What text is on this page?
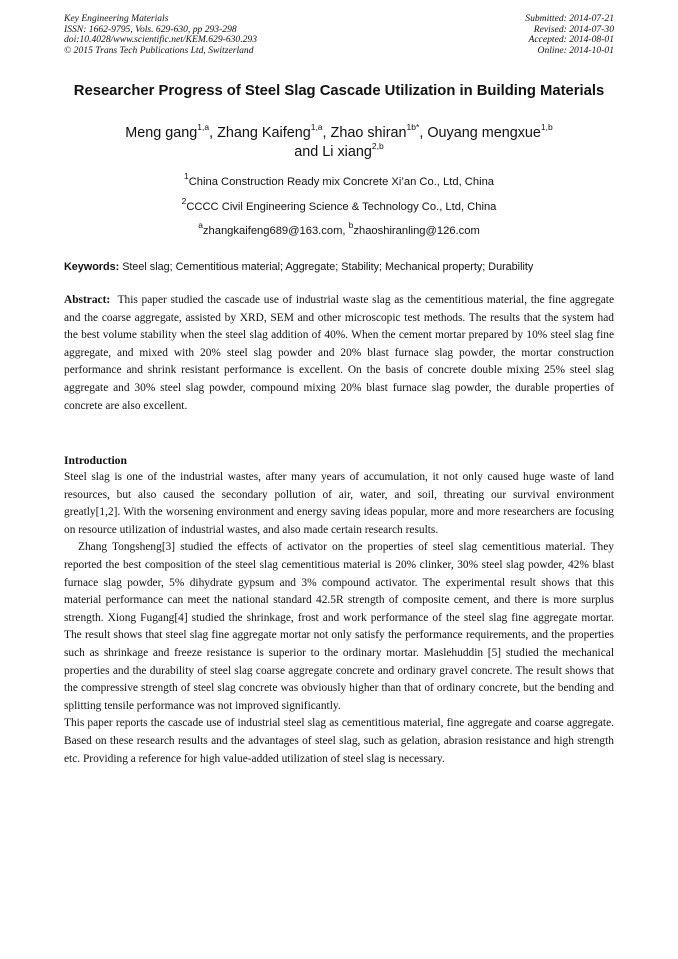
Key Engineering Materials
ISSN: 1662-9795, Vols. 629-630, pp 293-298
doi:10.4028/www.scientific.net/KEM.629-630.293
© 2015 Trans Tech Publications Ltd, Switzerland
Submitted: 2014-07-21
Revised: 2014-07-30
Accepted: 2014-08-01
Online: 2014-10-01
Researcher Progress of Steel Slag Cascade Utilization in Building Materials
Meng gang$^{1,a}$, Zhang Kaifeng$^{1,a}$, Zhao shiran$^{1b*}$, Ouyang mengxue$^{1,b}$
and Li xiang$^{2,b}$
$^1$China Construction Ready mix Concrete Xi’an Co., Ltd, China
$^2$CCCC Civil Engineering Science & Technology Co., Ltd, China
$^a$zhangkaifeng689@163.com, $^b$zhaoshiranling@126.com
Keywords: Steel slag; Cementitious material; Aggregate; Stability; Mechanical property; Durability
Abstract: This paper studied the cascade use of industrial waste slag as the cementitious material, the fine aggregate and the coarse aggregate, assisted by XRD, SEM and other microscopic test methods. The results that the system had the best volume stability when the steel slag addition of 40%. When the cement mortar prepared by 10% steel slag fine aggregate, and mixed with 20% steel slag powder and 20% blast furnace slag powder, the mortar construction performance and shrink resistant performance is excellent. On the basis of concrete double mixing 25% steel slag aggregate and 30% steel slag powder, compound mixing 20% blast furnace slag powder, the durable properties of concrete are also excellent.
Introduction

Steel slag is one of the industrial wastes, after many years of accumulation, it not only caused huge waste of land resources, but also caused the secondary pollution of air, water, and soil, threating our survival environment greatly[1,2]. With the worsening environment and energy saving ideas popular, more and more researchers are focusing on resource utilization of industrial wastes, and also made certain research results.

Zhang Tongsheng[3] studied the effects of activator on the properties of steel slag cementitious material. They reported the best composition of the steel slag cementitious material is 20% clinker, 30% steel slag powder, 42% blast furnace slag powder, 5% dihydrate gypsum and 3% compound activator. The experimental result shows that this material performance can meet the national standard 42.5R strength of composite cement, and there is more surplus strength. Xiong Fugang[4] studied the shrinkage, frost and work performance of the steel slag fine aggregate mortar. The result shows that steel slag fine aggregate mortar not only satisfy the performance requirements, and the properties such as shrinkage and freeze resistance is superior to the ordinary mortar. Maslehuddin [5] studied the mechanical properties and the durability of steel slag coarse aggregate concrete and ordinary gravel concrete. The result shows that the compressive strength of steel slag concrete was obviously higher than that of ordinary concrete, but the bending and splitting tensile performance was not improved significantly.

This paper reports the cascade use of industrial steel slag as cementitious material, fine aggregate and coarse aggregate. Based on these research results and the advantages of steel slag, such as gelation, abrasion resistance and high strength etc. Providing a reference for high value-added utilization of steel slag is necessary.
